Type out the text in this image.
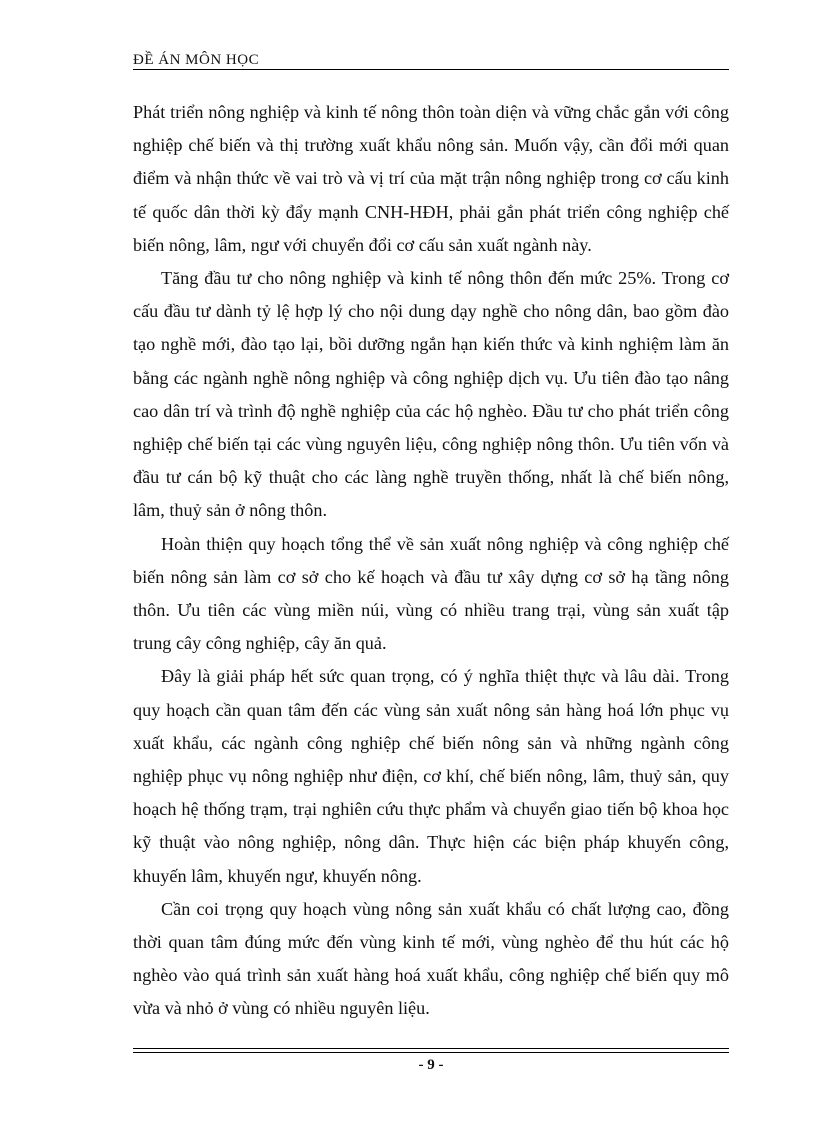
ĐỀ ÁN MÔN HỌC

Phát triển nông nghiệp và kinh tế nông thôn toàn diện và vững chắc gắn với công nghiệp chế biến và thị trường xuất khẩu nông sản. Muốn vậy, cần đổi mới quan điểm và nhận thức về vai trò và vị trí của mặt trận nông nghiệp trong cơ cấu kinh tế quốc dân thời kỳ đẩy mạnh CNH-HĐH, phải gắn phát triển công nghiệp chế biến nông, lâm, ngư với chuyển đổi cơ cấu sản xuất ngành này.

Tăng đầu tư cho nông nghiệp và kinh tế nông thôn đến mức 25%. Trong cơ cấu đầu tư dành tỷ lệ hợp lý cho nội dung dạy nghề cho nông dân, bao gồm đào tạo nghề mới, đào tạo lại, bồi dưỡng ngắn hạn kiến thức và kinh nghiệm làm ăn bằng các ngành nghề nông nghiệp và công nghiệp dịch vụ. Ưu tiên đào tạo nâng cao dân trí và trình độ nghề nghiệp của các hộ nghèo. Đầu tư cho phát triển công nghiệp chế biến tại các vùng nguyên liệu, công nghiệp nông thôn. Ưu tiên vốn và đầu tư cán bộ kỹ thuật cho các làng nghề truyền thống, nhất là chế biến nông, lâm, thuỷ sản ở nông thôn.

Hoàn thiện quy hoạch tổng thể về sản xuất nông nghiệp và công nghiệp chế biến nông sản làm cơ sở cho kế hoạch và đầu tư xây dựng cơ sở hạ tầng nông thôn. Ưu tiên các vùng miền núi, vùng có nhiều trang trại, vùng sản xuất tập trung cây công nghiệp, cây ăn quả.

Đây là giải pháp hết sức quan trọng, có ý nghĩa thiệt thực và lâu dài. Trong quy hoạch cần quan tâm đến các vùng sản xuất nông sản hàng hoá lớn phục vụ xuất khẩu, các ngành công nghiệp chế biến nông sản và những ngành công nghiệp phục vụ nông nghiệp như điện, cơ khí, chế biến nông, lâm, thuỷ sản, quy hoạch hệ thống trạm, trại nghiên cứu thực phẩm và chuyển giao tiến bộ khoa học kỹ thuật vào nông nghiệp, nông dân. Thực hiện các biện pháp khuyến công, khuyến lâm, khuyến ngư, khuyến nông.

Cần coi trọng quy hoạch vùng nông sản xuất khẩu có chất lượng cao, đồng thời quan tâm đúng mức đến vùng kinh tế mới, vùng nghèo để thu hút các hộ nghèo vào quá trình sản xuất hàng hoá xuất khẩu, công nghiệp chế biến quy mô vừa và nhỏ ở vùng có nhiều nguyên liệu.

- 9 -
